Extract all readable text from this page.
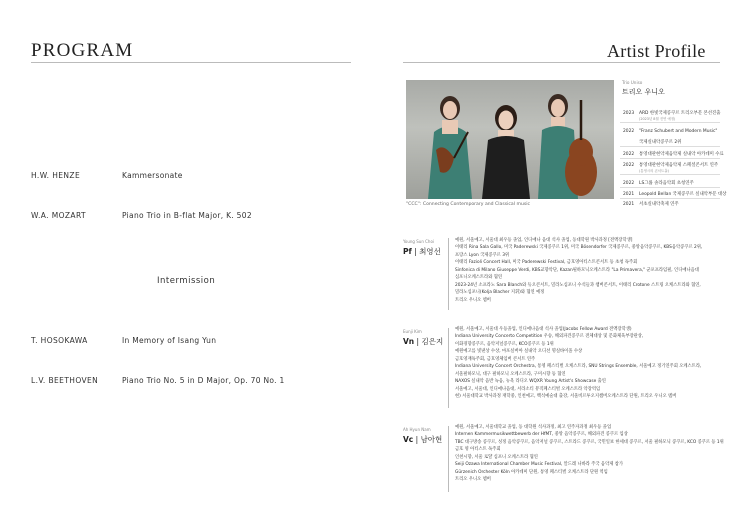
PROGRAM
H.W. HENZE	Kammersonate
W.A. MOZART	Piano Trio in B-flat Major, K. 502
Intermission
T. HOSOKAWA	In Memory of Isang Yun
L.V. BEETHOVEN	Piano Trio No. 5 in D Major, Op. 70 No. 1
Artist Profile
"CCC": Connecting Contemporary and Classical music
Trio Uniso
트리오 우니오
2023 ARD 한빛국제콩쿠르 트리오부문 본선진출
(2023년 8월 진연 예정)
2022 "Franz Schubert and Modern Music"
국제실내악콩쿠르 2위
2022 통영대관현악제음악제 실내악 아카데미 수료
2022 통영대관현악제음악제 스페셜콘서트 연주
(통영시의 콘서트홀)
2022 LS그룹 솔라음악회 초청연주
2021 Leopold Bellan 국제콩쿠르 실내악부문 대상
2021 서초실내악축제 연주
Young Sun Choi
Pf | 최영선
예원, 서울예고, 서울대 최우등 졸업, 인디애나 음대 석사 졸업, 동대학원 박사과정 [전액장학생]
이태리 Rina Sala Gallo, 미국 Paderewski 국제콩쿠르 1위, 미국 Bösendorfer 국제콩쿠르, 중앙음악콩쿠르, KBS음악콩쿠르 2위,
프랑스 Lyon 국제콩쿠르 3위
이태리 Fazioli Concert Hall, 미국 Paderewski Festival, 금호영아티스트콘서트 등 초청 독주회
Sinfonica di Milano Giuseppe Verdi, KBS교향악단, Kazan필하모닉오케스트라 "La Primavera," 군포프라임필, 인디애나음대
심포니오케스트라와 협연
2023-24년 소프라노 Sara Blanch와 듀오콘서트, 밀라노심포니 수석들과 챔버콘서트, 이태리 Crotone 스트링 오케스트라와 협연,
밀라노심포니(Kolja Blacher 지휘)와 협연 예정
트리오 우니오 멤버
Eunji Kim
Vn | 김은지
예원, 서울예고, 서울대 우등졸업, 인디애나음대 석사 졸업(Jacobs Fellow Award 전액장학생)
Indiana University Concerto Competition 우승, 해외파견콩쿠르 전체대상 및 문화체육부장관상,
이화경향콩쿠르, 음악저널콩쿠르, KCO콩쿠르 등 1위
예원예고를 빛낸상 수상, 마포실버아 실내악 오디션 명실바이올 수상
금호영재독주회, 금호영체임버 콘서트 연주
Indiana University Concert Orchestra, 통영 페스티벌 오케스트라, SNU Strings Ensemble, 서울예고 정기연주회 오케스트라,
서울필하모닉, 대구 필하모닉 오케스트라, 구미시향 등 협연
NAXOS 실내악 음반 녹음, 뉴욕 라디오 WQXR Young Artist's Showcase 출연
서울예고, 서울대, 인디애나음대, 서라소티 뮤직페스티벌 오케스트라 악장역임
현) 서울대학교 박사과정 재학중, 인천예고, 백석예술대 출강, 서울비르투오지챔버오케스트라 단원, 트리오 우니오 멤버
Ah Hyun Nam
Vc | 남아현
예원, 서울예고, 서울대학교 졸업, 동 대학원 석사과정, 최고 연주자과정 최우등 졸업
Internen Kammermusikwettbewerb der HfMT, 중앙 음악콩쿠르, 해외파견 콩쿠르 입상
TBC 대구방송 콩쿠르, 성정 음악콩쿠르, 음악저널 콩쿠르, 스트라드 콩쿠르, 국민일보 한세대 콩쿠르, 서울 필하모닉 콩쿠르, KCO 콩쿠르 등 1위
금호 영 아티스트 독주회
인천시향, 서울 로얄 심포니 오케스트라 협연
Seiji Ozawa International Chamber Music Festival, 알드레 나바라 주국 음악제 참가
Gürzenich Orchester Köln 아카데미 단원, 통영 페스티벌 오케스트라 단원 역임
트리오 우니오 멤버
